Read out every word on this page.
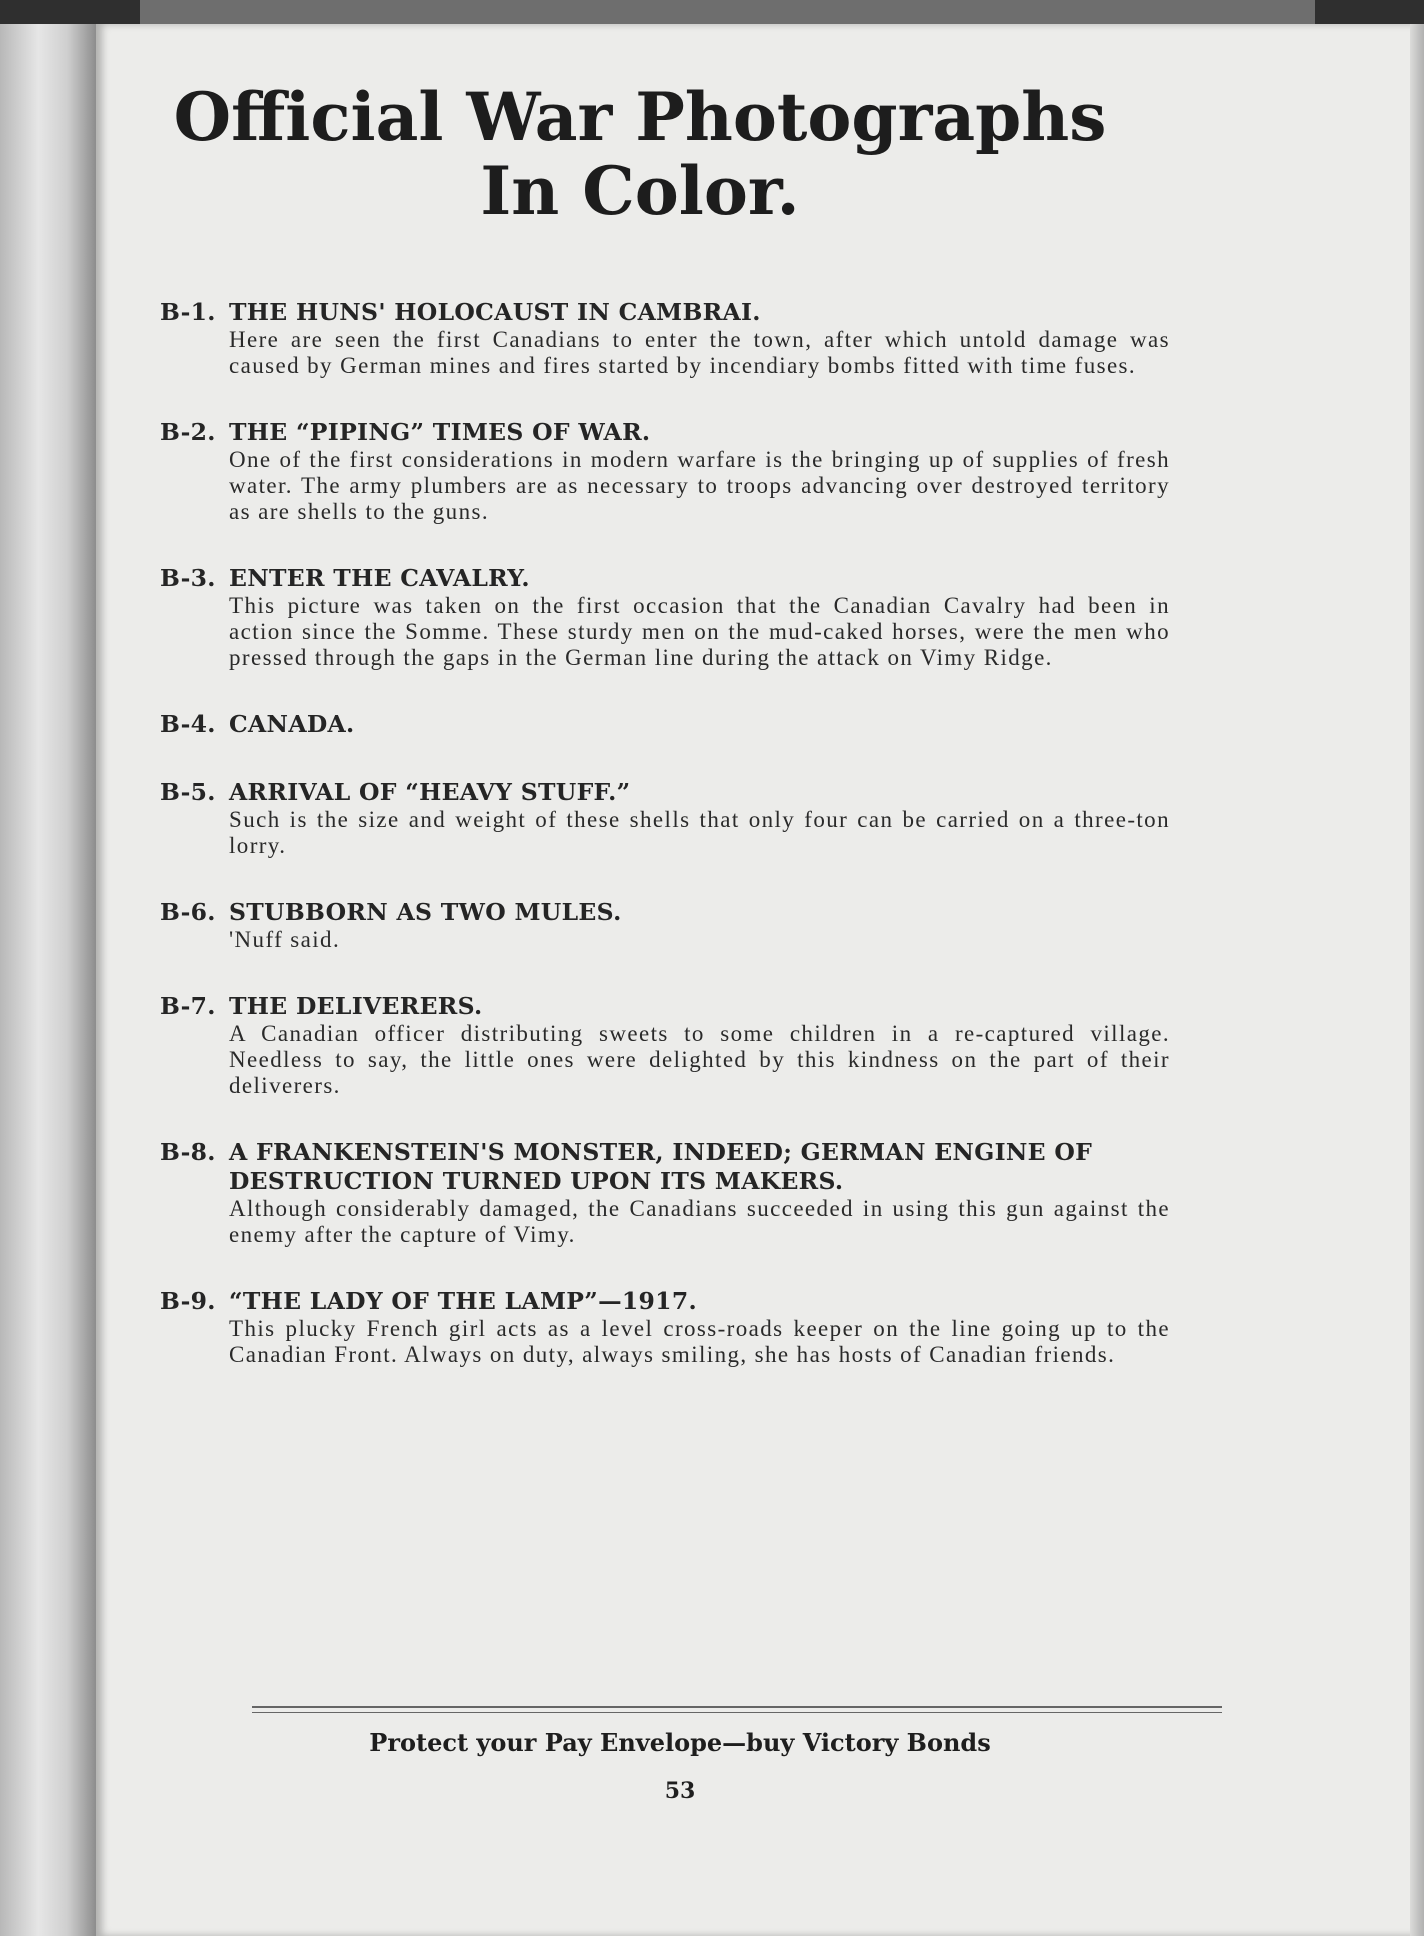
Official War Photographs
In Color.
B-1. THE HUNS' HOLOCAUST IN CAMBRAI.
Here are seen the first Canadians to enter the town, after which untold damage was caused by German mines and fires started by incendiary bombs fitted with time fuses.
B-2. THE “PIPING” TIMES OF WAR.
One of the first considerations in modern warfare is the bringing up of supplies of fresh water. The army plumbers are as necessary to troops advancing over destroyed territory as are shells to the guns.
B-3. ENTER THE CAVALRY.
This picture was taken on the first occasion that the Canadian Cavalry had been in action since the Somme. These sturdy men on the mud-caked horses, were the men who pressed through the gaps in the German line during the attack on Vimy Ridge.
B-4. CANADA.
B-5. ARRIVAL OF “HEAVY STUFF.”
Such is the size and weight of these shells that only four can be carried on a three-ton lorry.
B-6. STUBBORN AS TWO MULES.
'Nuff said.
B-7. THE DELIVERERS.
A Canadian officer distributing sweets to some children in a re-captured village. Needless to say, the little ones were delighted by this kindness on the part of their deliverers.
B-8. A FRANKENSTEIN'S MONSTER, INDEED; GERMAN ENGINE OF DESTRUCTION TURNED UPON ITS MAKERS.
Although considerably damaged, the Canadians succeeded in using this gun against the enemy after the capture of Vimy.
B-9. “THE LADY OF THE LAMP”—1917.
This plucky French girl acts as a level cross-roads keeper on the line going up to the Canadian Front. Always on duty, always smiling, she has hosts of Canadian friends.
Protect your Pay Envelope—buy Victory Bonds
53
